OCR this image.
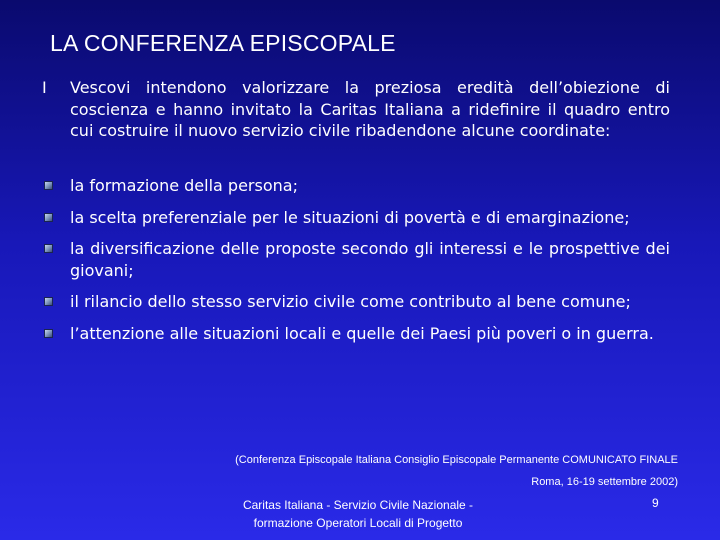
LA CONFERENZA EPISCOPALE
I Vescovi intendono valorizzare la preziosa eredità dell’obiezione di coscienza e hanno invitato la Caritas Italiana a ridefinire il quadro entro cui costruire il nuovo servizio civile ribadendone alcune coordinate:
la formazione della persona;
la scelta preferenziale per le situazioni di povertà e di emarginazione;
la diversificazione delle proposte secondo gli interessi e le prospettive dei giovani;
il rilancio dello stesso servizio civile come contributo al bene comune;
l’attenzione alle situazioni locali e quelle dei Paesi più poveri o in guerra.
(Conferenza Episcopale Italiana Consiglio Episcopale Permanente COMUNICATO FINALE
Roma, 16-19 settembre 2002)
Caritas Italiana - Servizio Civile Nazionale -
formazione Operatori Locali di Progetto
9
